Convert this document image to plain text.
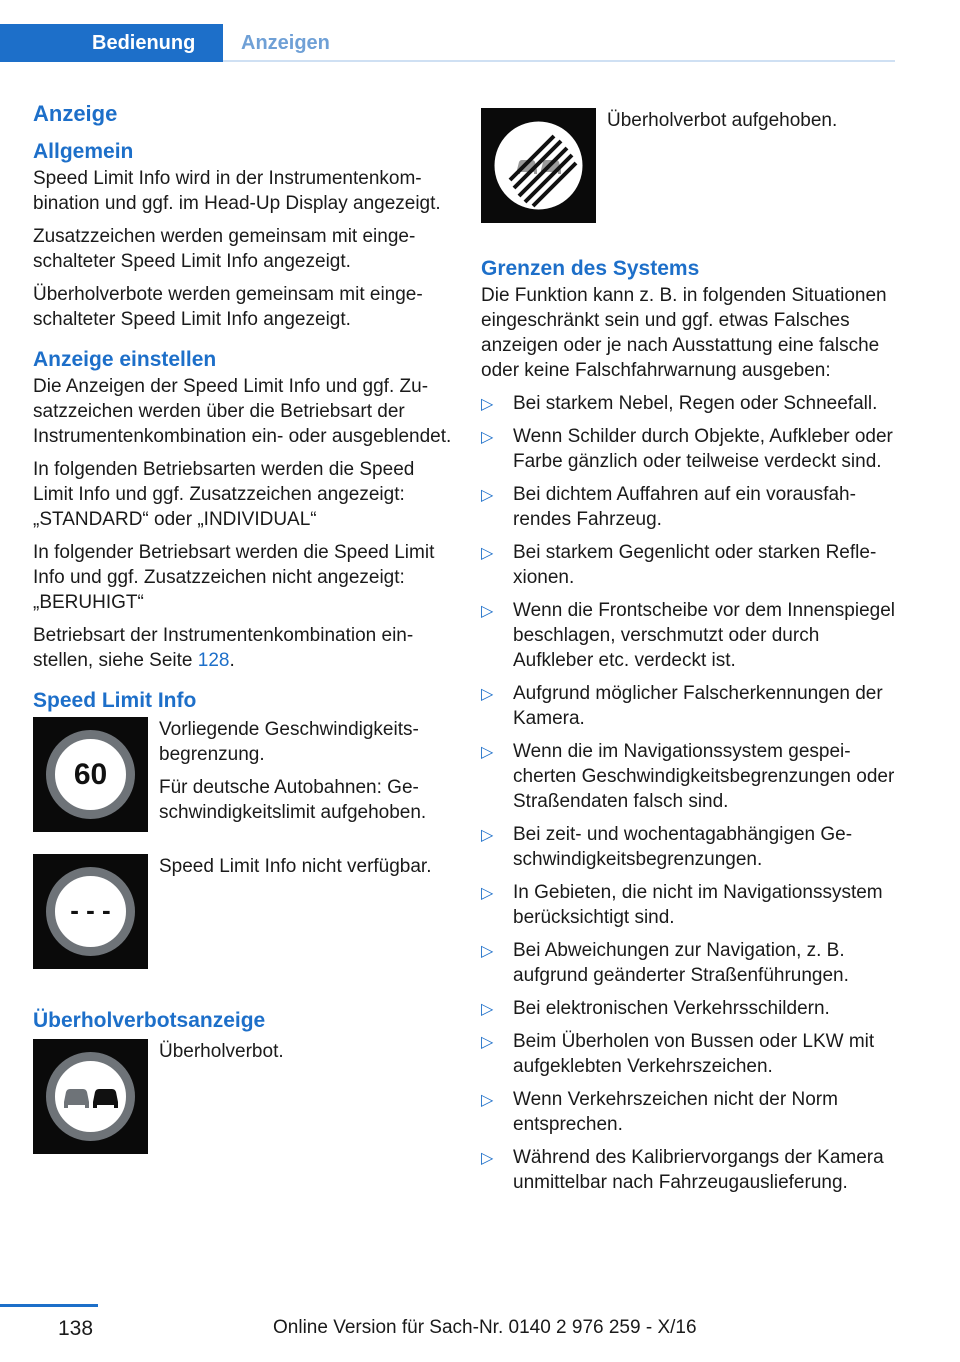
Bedienung Anzeigen
Anzeige
Allgemein

Speed Limit Info wird in der Instrumentenkombination und ggf. im Head-Up Display angezeigt.

Zusatzzeichen werden gemeinsam mit eingeschalteter Speed Limit Info angezeigt.

Überholverbote werden gemeinsam mit eingeschalteter Speed Limit Info angezeigt.

Anzeige einstellen

Die Anzeigen der Speed Limit Info und ggf. Zusatzzeichen werden über die Betriebsart der Instrumentenkombination ein- oder ausgeblendet.

In folgenden Betriebsarten werden die Speed Limit Info und ggf. Zusatzzeichen angezeigt: „STANDARD“ oder „INDIVIDUAL“

In folgender Betriebsart werden die Speed Limit Info und ggf. Zusatzzeichen nicht angezeigt: „BERUHIGT“

Betriebsart der Instrumentenkombination einstellen, siehe Seite 128.

Speed Limit Info
60

Vorliegende Geschwindigkeitsbegrenzung.

Für deutsche Autobahnen: Geschwindigkeitslimit aufgehoben.

- - -

Speed Limit Info nicht verfügbar.

Überholverbotsanzeige

Überholverbot.

Überholverbot aufgehoben.

Grenzen des Systems

Die Funktion kann z. B. in folgenden Situationen eingeschränkt sein und ggf. etwas Falsches anzeigen oder je nach Ausstattung eine falsche oder keine Falschfahrwarnung ausgeben:

▷ Bei starkem Nebel, Regen oder Schneefall.
▷ Wenn Schilder durch Objekte, Aufkleber oder Farbe gänzlich oder teilweise verdeckt sind.
▷ Bei dichtem Auffahren auf ein vorausfahrendes Fahrzeug.
▷ Bei starkem Gegenlicht oder starken Reflexionen.
▷ Wenn die Frontscheibe vor dem Innenspiegel beschlagen, verschmutzt oder durch Aufkleber etc. verdeckt ist.
▷ Aufgrund möglicher Falscherkennungen der Kamera.
▷ Wenn die im Navigationssystem gespeicherten Geschwindigkeitsbegrenzungen oder Straßendaten falsch sind.
▷ Bei zeit- und wochentagabhängigen Geschwindigkeitsbegrenzungen.
▷ In Gebieten, die nicht im Navigationssystem berücksichtigt sind.
▷ Bei Abweichungen zur Navigation, z. B. aufgrund geänderter Straßenführungen.
▷ Bei elektronischen Verkehrsschildern.
▷ Beim Überholen von Bussen oder LKW mit aufgeklebten Verkehrszeichen.
▷ Wenn Verkehrszeichen nicht der Norm entsprechen.
▷ Während des Kalibriervorgangs der Kamera unmittelbar nach Fahrzeugauslieferung.
138	Online Version für Sach-Nr. 0140 2 976 259 - X/16
